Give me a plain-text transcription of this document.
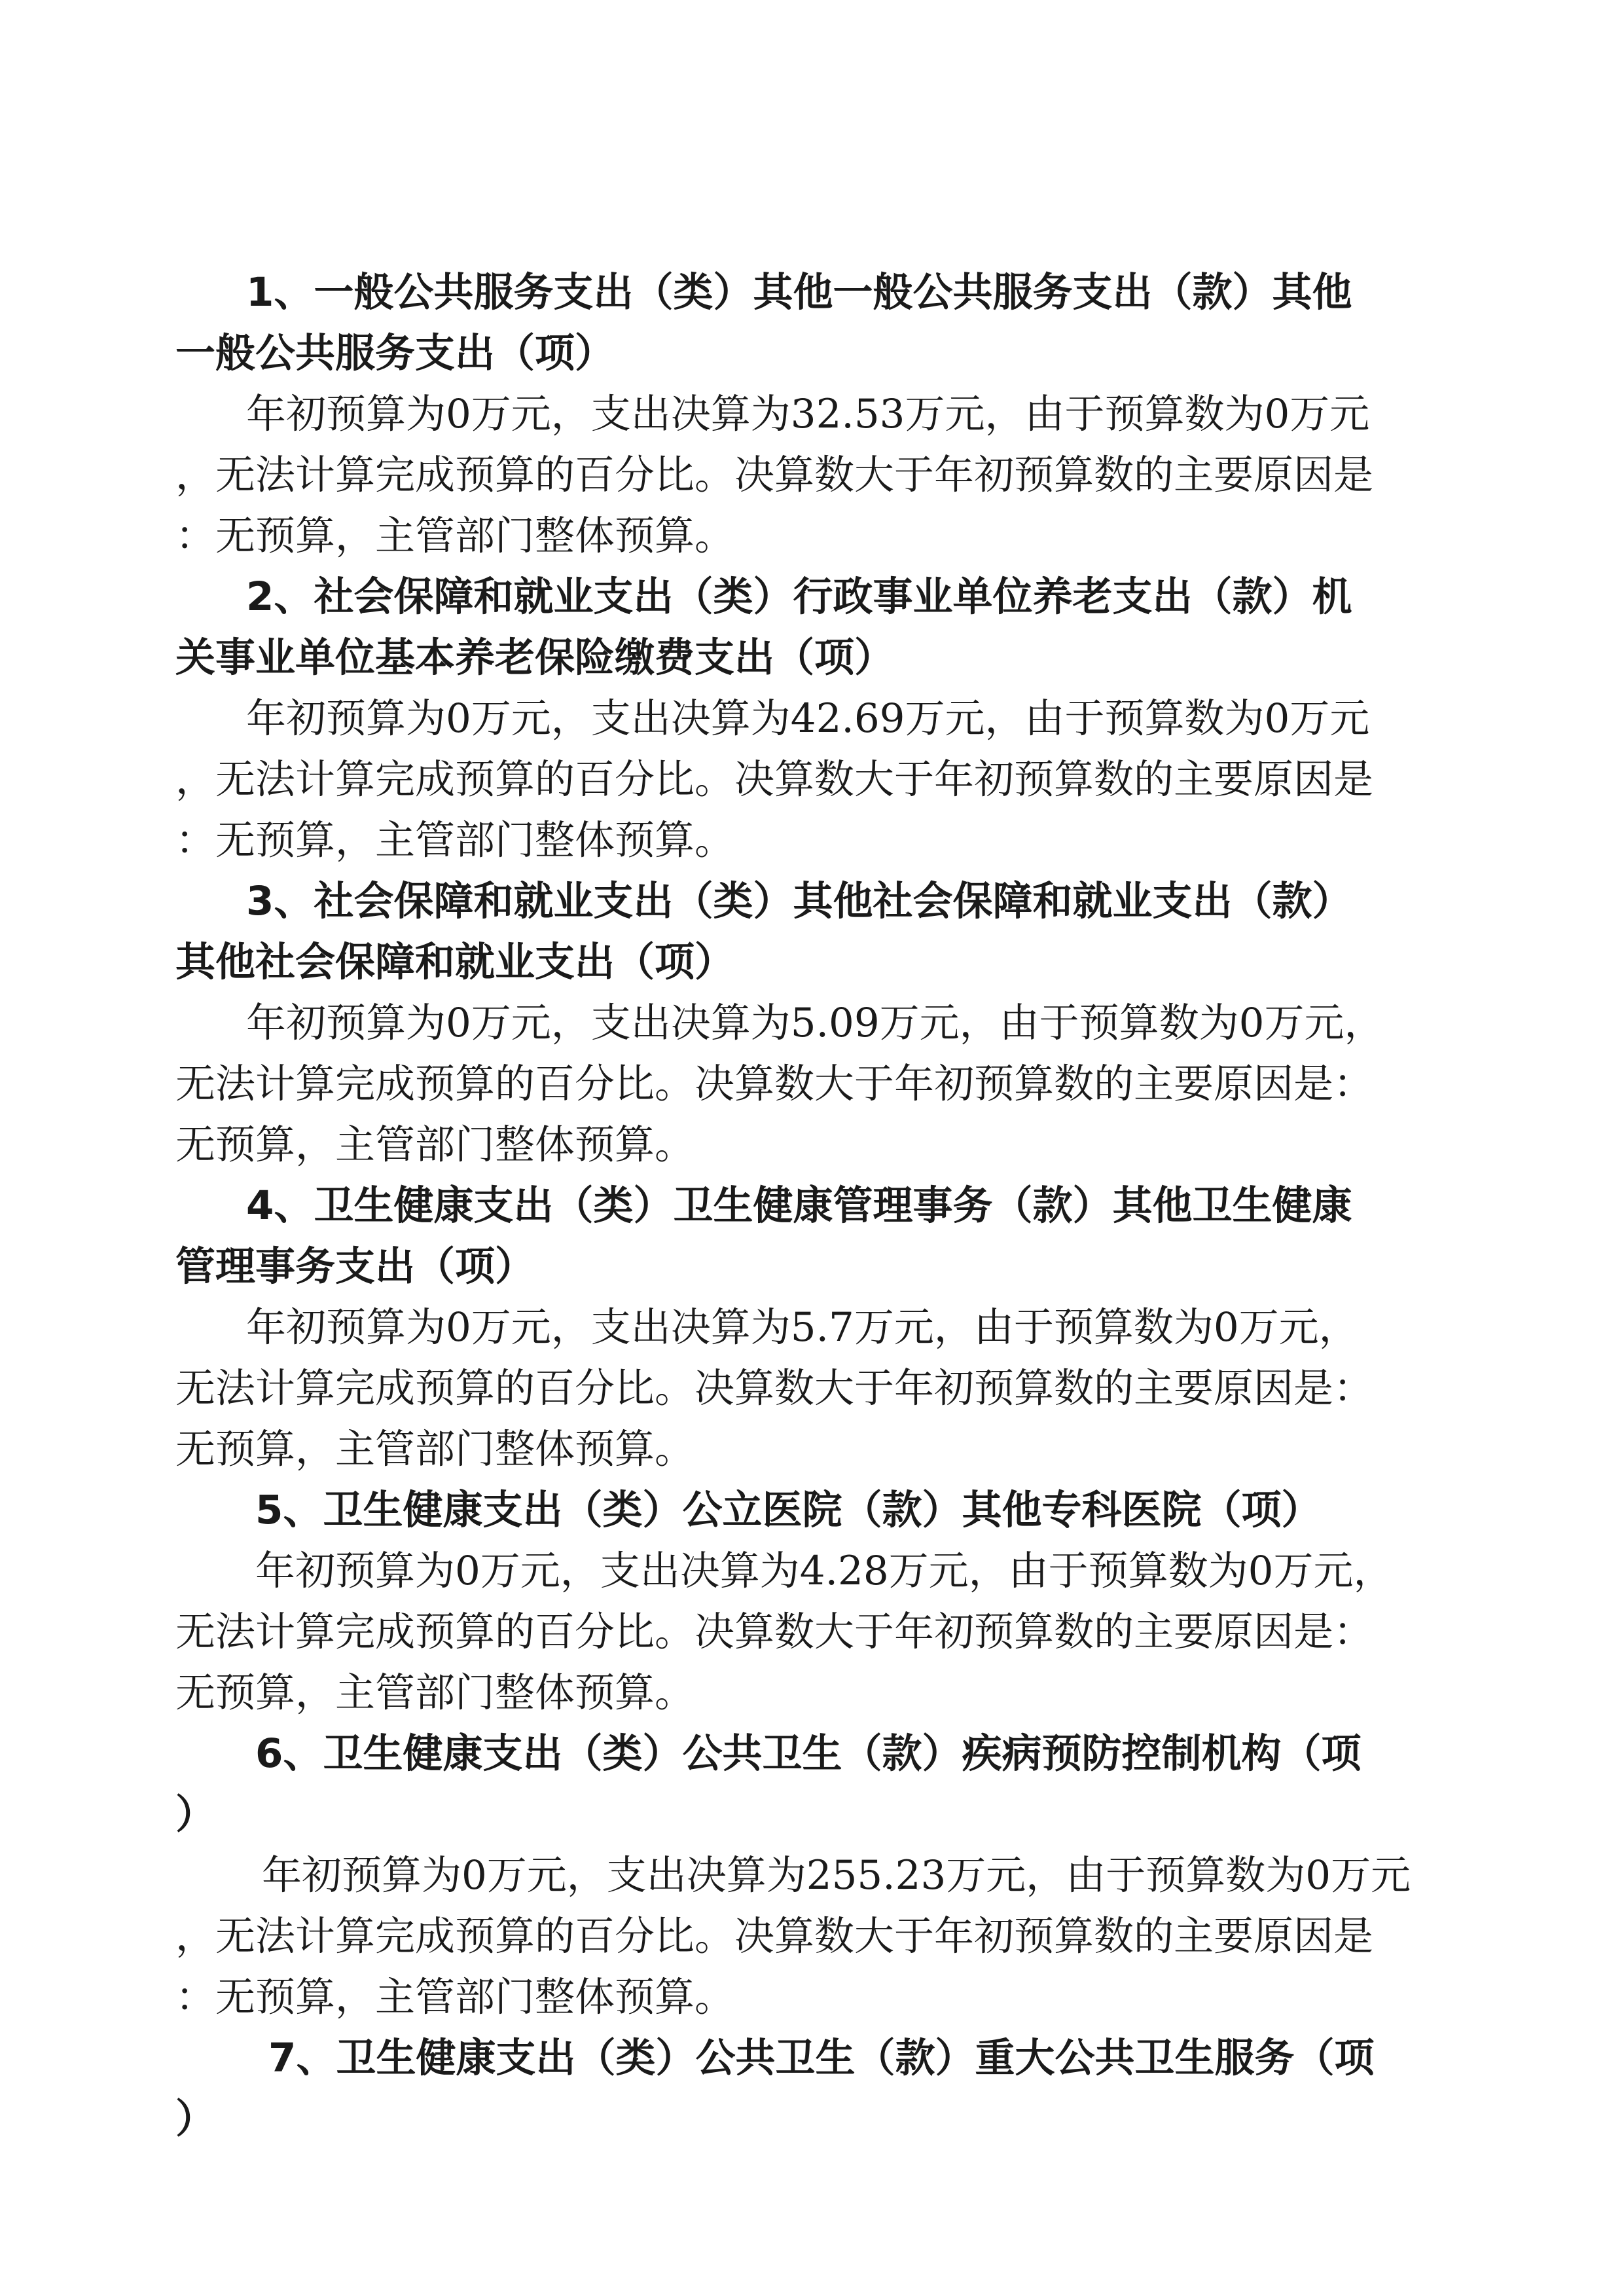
1、一般公共服务支出（类）其他一般公共服务支出（款）其他
一般公共服务支出（项）
年初预算为0万元，支出决算为32.53万元，由于预算数为0万元
，无法计算完成预算的百分比。决算数大于年初预算数的主要原因是
：无预算，主管部门整体预算。
2、社会保障和就业支出（类）行政事业单位养老支出（款）机
关事业单位基本养老保险缴费支出（项）
年初预算为0万元，支出决算为42.69万元，由于预算数为0万元
，无法计算完成预算的百分比。决算数大于年初预算数的主要原因是
：无预算，主管部门整体预算。
3、社会保障和就业支出（类）其他社会保障和就业支出（款）
其他社会保障和就业支出（项）
年初预算为0万元，支出决算为5.09万元，由于预算数为0万元，
无法计算完成预算的百分比。决算数大于年初预算数的主要原因是：
无预算，主管部门整体预算。
4、卫生健康支出（类）卫生健康管理事务（款）其他卫生健康
管理事务支出（项）
年初预算为0万元，支出决算为5.7万元，由于预算数为0万元，
无法计算完成预算的百分比。决算数大于年初预算数的主要原因是：
无预算，主管部门整体预算。
5、卫生健康支出（类）公立医院（款）其他专科医院（项）
年初预算为0万元，支出决算为4.28万元，由于预算数为0万元，
无法计算完成预算的百分比。决算数大于年初预算数的主要原因是：
无预算，主管部门整体预算。
6、卫生健康支出（类）公共卫生（款）疾病预防控制机构（项
）
年初预算为0万元，支出决算为255.23万元，由于预算数为0万元
，无法计算完成预算的百分比。决算数大于年初预算数的主要原因是
：无预算，主管部门整体预算。
7、卫生健康支出（类）公共卫生（款）重大公共卫生服务（项
）
